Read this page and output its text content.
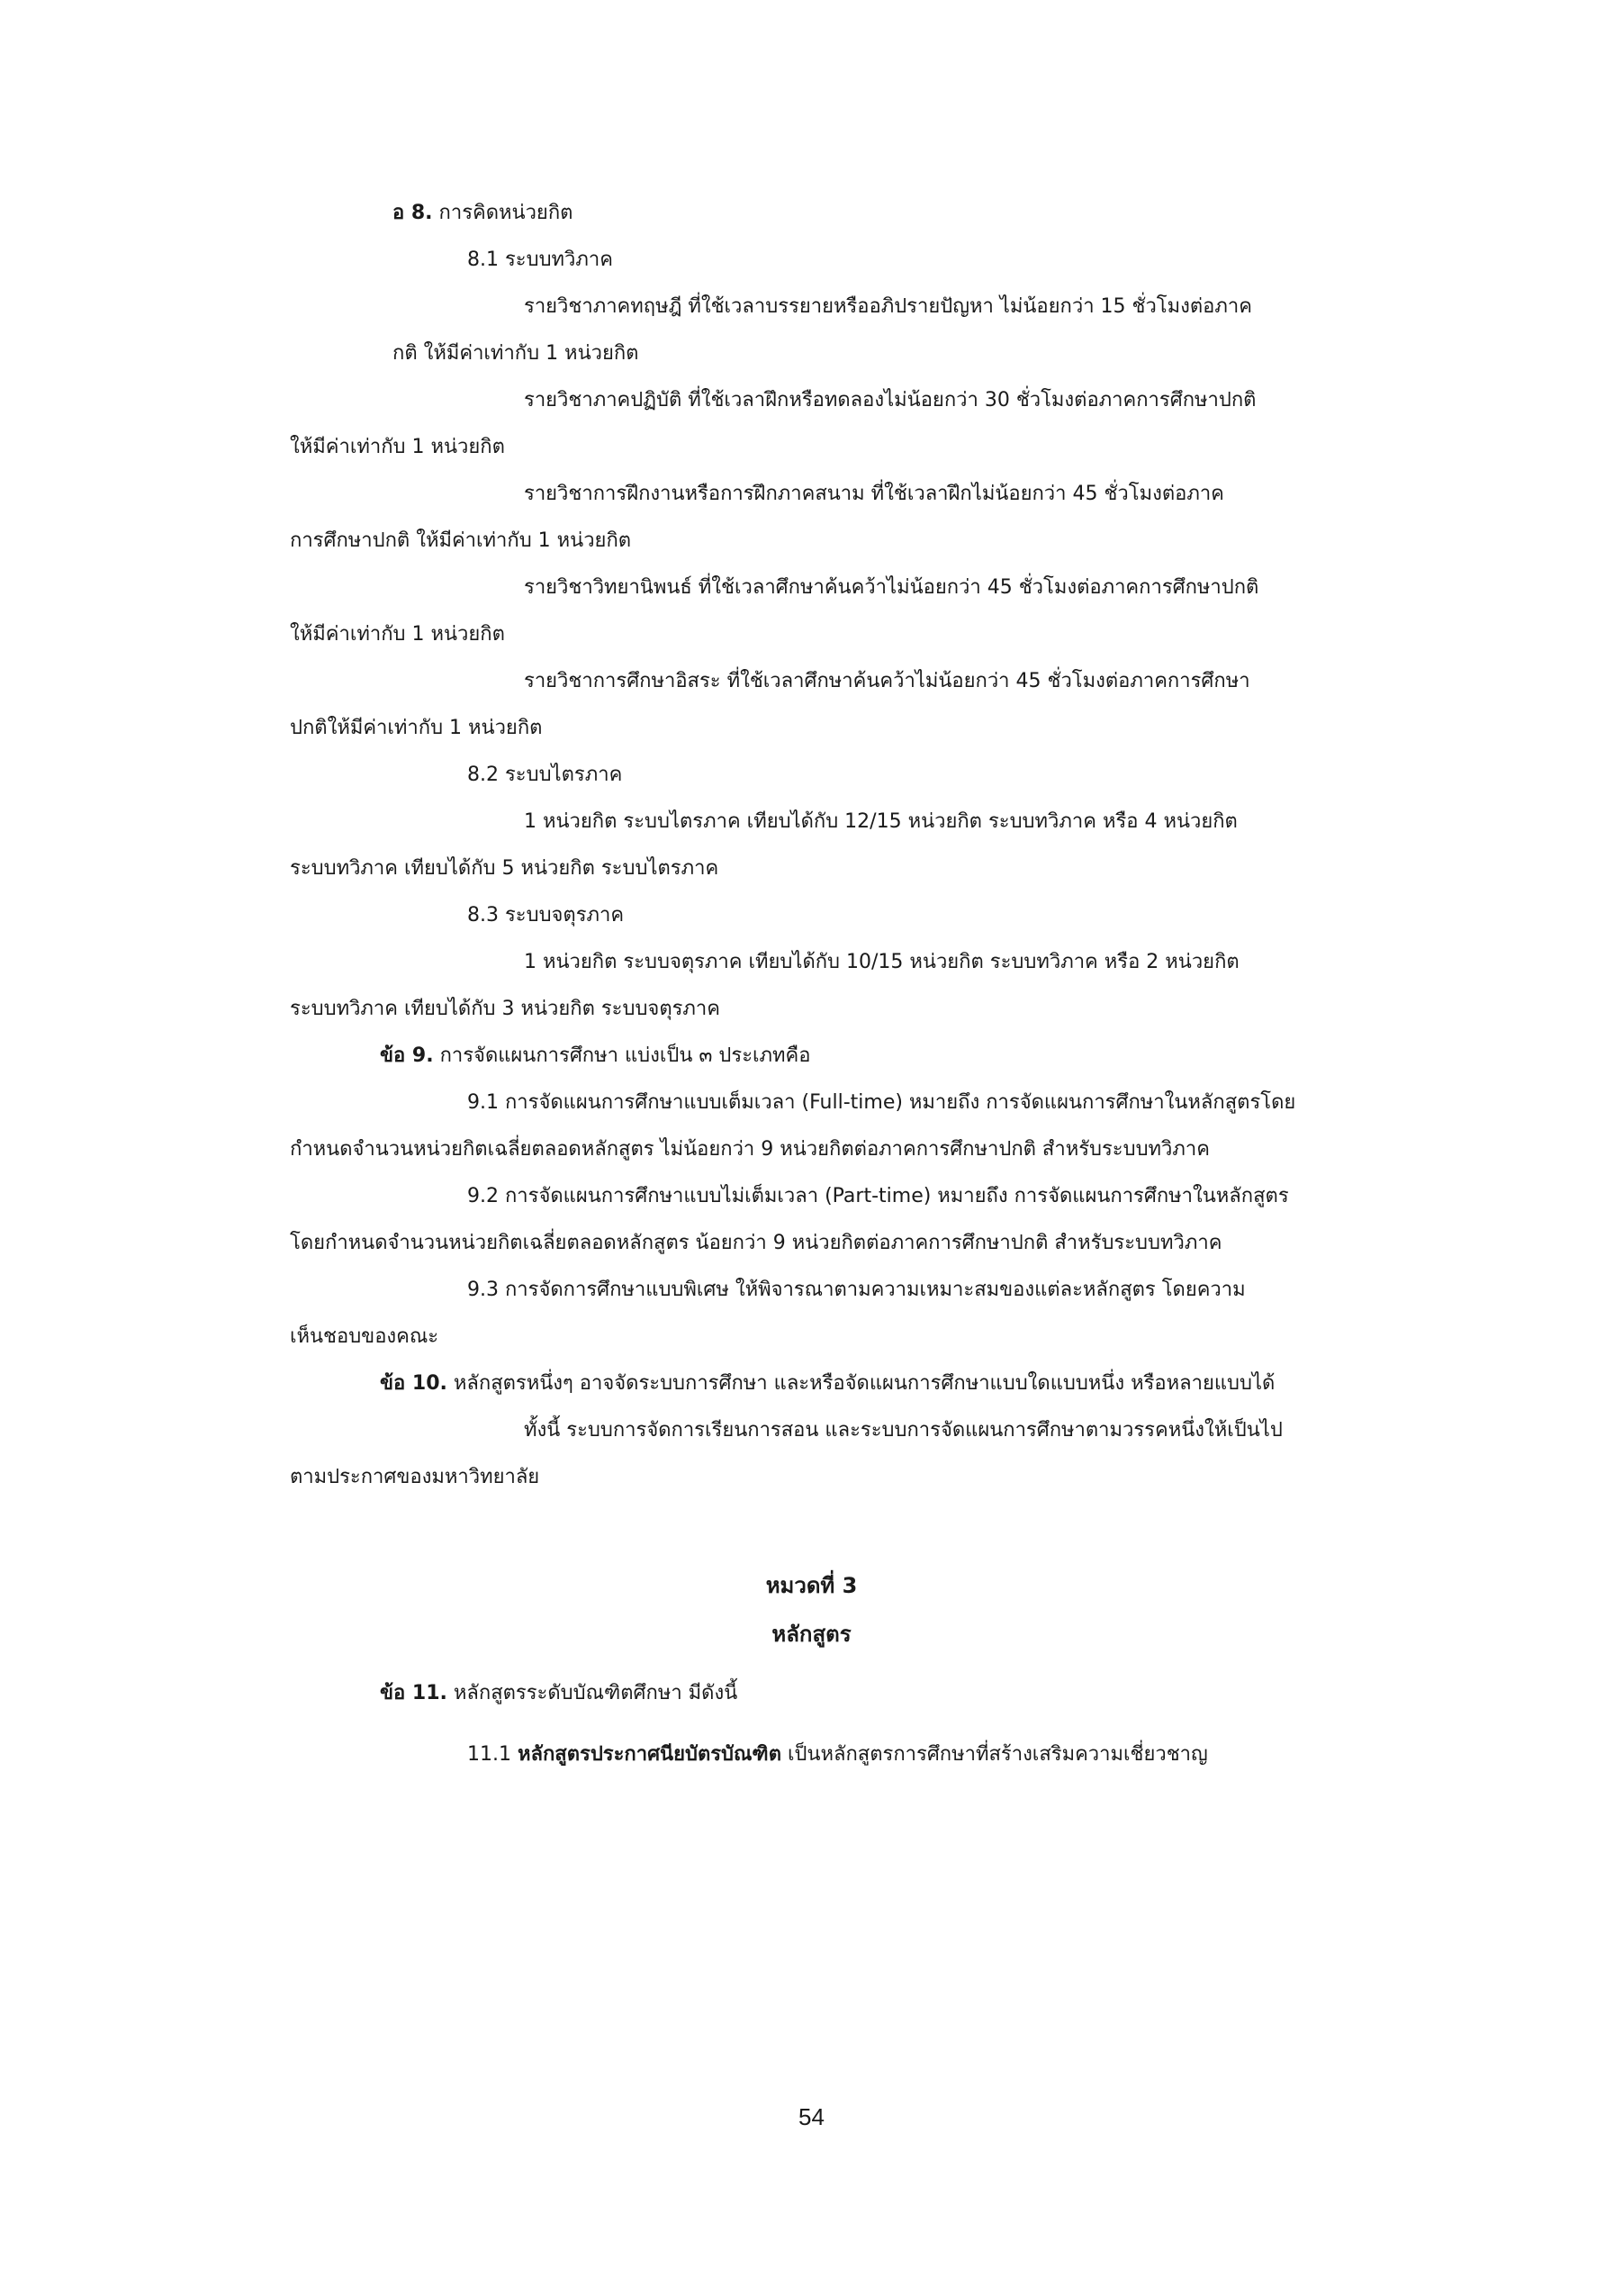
อ 8. การคิดหน่วยกิต
8.1 ระบบทวิภาค
รายวิชาภาคทฤษฎี ที่ใช้เวลาบรรยายหรืออภิปรายปัญหา ไม่น้อยกว่า 15 ชั่วโมงต่อภาค
กติ ให้มีค่าเท่ากับ 1 หน่วยกิต
รายวิชาภาคปฏิบัติ ที่ใช้เวลาฝึกหรือทดลองไม่น้อยกว่า 30 ชั่วโมงต่อภาคการศึกษาปกติ
ให้มีค่าเท่ากับ 1 หน่วยกิต
รายวิชาการฝึกงานหรือการฝึกภาคสนาม ที่ใช้เวลาฝึกไม่น้อยกว่า 45 ชั่วโมงต่อภาค
การศึกษาปกติ ให้มีค่าเท่ากับ 1 หน่วยกิต
รายวิชาวิทยานิพนธ์ ที่ใช้เวลาศึกษาค้นคว้าไม่น้อยกว่า 45 ชั่วโมงต่อภาคการศึกษาปกติ
ให้มีค่าเท่ากับ 1 หน่วยกิต
รายวิชาการศึกษาอิสระ ที่ใช้เวลาศึกษาค้นคว้าไม่น้อยกว่า 45 ชั่วโมงต่อภาคการศึกษา
ปกติให้มีค่าเท่ากับ 1 หน่วยกิต
8.2 ระบบไตรภาค
1 หน่วยกิต ระบบไตรภาค เทียบได้กับ 12/15 หน่วยกิต ระบบทวิภาค หรือ 4 หน่วยกิต
ระบบทวิภาค เทียบได้กับ 5 หน่วยกิต ระบบไตรภาค
8.3 ระบบจตุรภาค
1 หน่วยกิต ระบบจตุรภาค เทียบได้กับ 10/15 หน่วยกิต ระบบทวิภาค หรือ 2 หน่วยกิต
ระบบทวิภาค เทียบได้กับ 3 หน่วยกิต ระบบจตุรภาค
ข้อ 9. การจัดแผนการศึกษา แบ่งเป็น ๓ ประเภทคือ
9.1 การจัดแผนการศึกษาแบบเต็มเวลา (Full-time) หมายถึง การจัดแผนการศึกษาในหลักสูตรโดย
กำหนดจำนวนหน่วยกิตเฉลี่ยตลอดหลักสูตร ไม่น้อยกว่า 9 หน่วยกิตต่อภาคการศึกษาปกติ สำหรับระบบทวิภาค
9.2 การจัดแผนการศึกษาแบบไม่เต็มเวลา (Part-time) หมายถึง การจัดแผนการศึกษาในหลักสูตร
โดยกำหนดจำนวนหน่วยกิตเฉลี่ยตลอดหลักสูตร น้อยกว่า 9 หน่วยกิตต่อภาคการศึกษาปกติ สำหรับระบบทวิภาค
9.3 การจัดการศึกษาแบบพิเศษ ให้พิจารณาตามความเหมาะสมของแต่ละหลักสูตร โดยความ
เห็นชอบของคณะ
ข้อ 10. หลักสูตรหนึ่งๆ อาจจัดระบบการศึกษา และหรือจัดแผนการศึกษาแบบใดแบบหนึ่ง หรือหลายแบบได้
ทั้งนี้ ระบบการจัดการเรียนการสอน และระบบการจัดแผนการศึกษาตามวรรคหนึ่งให้เป็นไป
ตามประกาศของมหาวิทยาลัย
หมวดที่ 3
หลักสูตร
ข้อ 11. หลักสูตรระดับบัณฑิตศึกษา มีดังนี้
11.1 หลักสูตรประกาศนียบัตรบัณฑิต เป็นหลักสูตรการศึกษาที่สร้างเสริมความเชี่ยวชาญ
54
